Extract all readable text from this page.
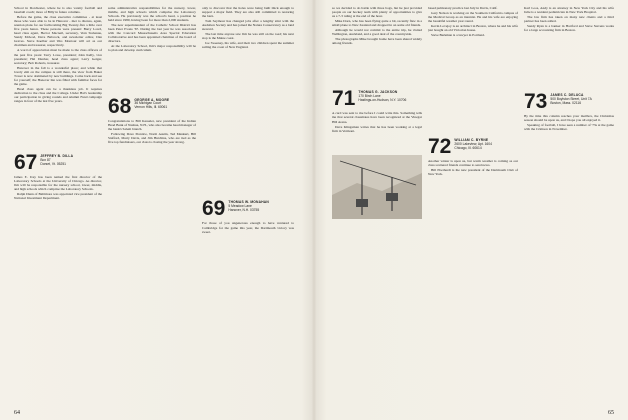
School in Dorchester, where he is also varsity football and baseball coach; more of Billy in future columns.

Before the game, the class executive committee - at least those who were able to be in Hanover - met to discuss, again, reunion plans for our forthcoming Big Twenty-five a little over five years hence. These persons were present: Barry Lowd, head class agent, Hector Macneil, secretary, Vern Stabenau, Sandy Mcleod, Dave Babcock, and newsletter editor, Dan Graves. Steve Kaelber and Wes Montour will act as our chairman and treasurer, respectively.

A word of appreciation must be made to the class officers of the past five years: Terry Lowe, president; John Kelly, vice president; Hal Dunbar, head class agent; Larry Geiger, secretary; Bob Roberts, treasurer.

Hanover in the fall is a wonderful place; and while that lovely elm on the campus is still there, the view from Baker Tower is now dominated by new buildings. Come back and see for yourself; the Hanover Inn was filled with familiar faces for the game.

Head class agent can be a thankless job. It requires dedication to the class and the College. Under Hal's leadership our participation in giving rounds and Alumni Fund campaign ranges in four of the last five years.

67 JEFFREY B. DILLA
Box 87
Dorset, Vt. 05251

James E. Ivey has been named the first director of the Laboratory Schools at the University of Chicago. As director, Jim will be responsible for the nursery school, lower, middle, and high schools which comprise the Laboratory Schools.

Ralph Dunn of Baltimore was appointed vice president of the National Investment Department.

some administrative responsibilities for the nursery, lower, middle, and high schools which comprise the Laboratory Schools. He previously was the school's head, a position he held since 1980, having been for more than 2,000 students.

The new superintendent of the Catholic School District has been Peter Evans '67. During the last year he was associated with the Concord Massachusetts Area Special Education Collaborative and has been appointed chairman of the board of directors.

At the Laboratory School, Jim's major responsibility will be to plan and develop curriculum.

68 GEORGE A. MOORE
36 Michigan Court
Vernon Hills, Ill. 60061

Congratulations to Bill Kesseler, new president of the Indian Head Bank of Nashua, N.H., who also became head manager of the bank's Salem branch.

Following Dave Prentice, Norm Austin, Ted Mankuri, Bill Stafford, Marty Davis, and Jim Hutchins, who are tied as the five top fundraisers, our class is closing the year strong.

only to discover that the holes were being built thick enough to support a major field. They are also still committed to restoring the barn.

Tom Seymour has changed jobs after a lengthy stint with the Audubon Society and has joined the Nature Conservancy as a land steward.

The last time anyone saw Jim he was still on the road; his next stop is the Maine coast.

Joe Sweeney, his wife, and their two children spent the summer sailing the coast of New England.

69 THOMAS W. MONAHAN
5 Meadow Lane
Hanover, N.H. 03755

For those of you ungenerous enough to have ventured to Cambridge for the game this year, the Dartmouth victory was sweet.

64

so we decided to do battle with three bogs, but he just provided people on our hockey team with plenty of opportunities to give us a 7-3 ruling at the end of the hour.

Mike Dorn, who has been flying quite a bit, recently flew in a small plane to New Zealand and dropped in on some old friends.

Although he would not commit to the entire trip, he visited Wellington, Auckland, and a good deal of the countryside.

The photographs Mike brought home have been shared widely among friends.

71 THOMAS G. JACKSON
170 Birch Lane
Hastings-on-Hudson, N.Y. 10706

A card was sent to me before I could write this. Something tells me that several classmates have been recognized at the Vinegar Hill Arena.

Dave Klingaman writes that he has been working at a legal firm in Vermont.

based pulmonary practice last July in Davis, Calif.

Gary Nelson is working on the Southern California campus of the Medical Group as an internist. He and his wife are enjoying the beautiful weather year round.

Kevin Lovejoy is an architect in Boston, where he and his wife just bought an old Victorian house.

Steve Berkman is a lawyer in Portland.

72 WILLIAM C. BYRNE
2600 Lakeview, Apt. 1604
Chicago, Ill. 60614

Another winter is upon us, but warm weather is coming as our class scattered friends continue to send news.

Bill Eberhardt is the new president of the Dartmouth Club of New York.

Karl Loos, Andy is an attorney in New York City and his wife Julie is a resident pediatrician in New York Hospital.

The law firm has taken on many new clients and a third partner has been added.

Sandy Ryan is a banker in Hartford and Steve Stevens works for a large accounting firm in Boston.

73 JAMES C. DELUCA
500 Boylston Street, Unit 7A
Boston, Mass. 02116

By the time this column reaches your mailbox, the Christmas season should be upon us, and I hope you all enjoyed it.

Speaking of football, I have seen a number of '73s at the game with the Crimson in November.

65
